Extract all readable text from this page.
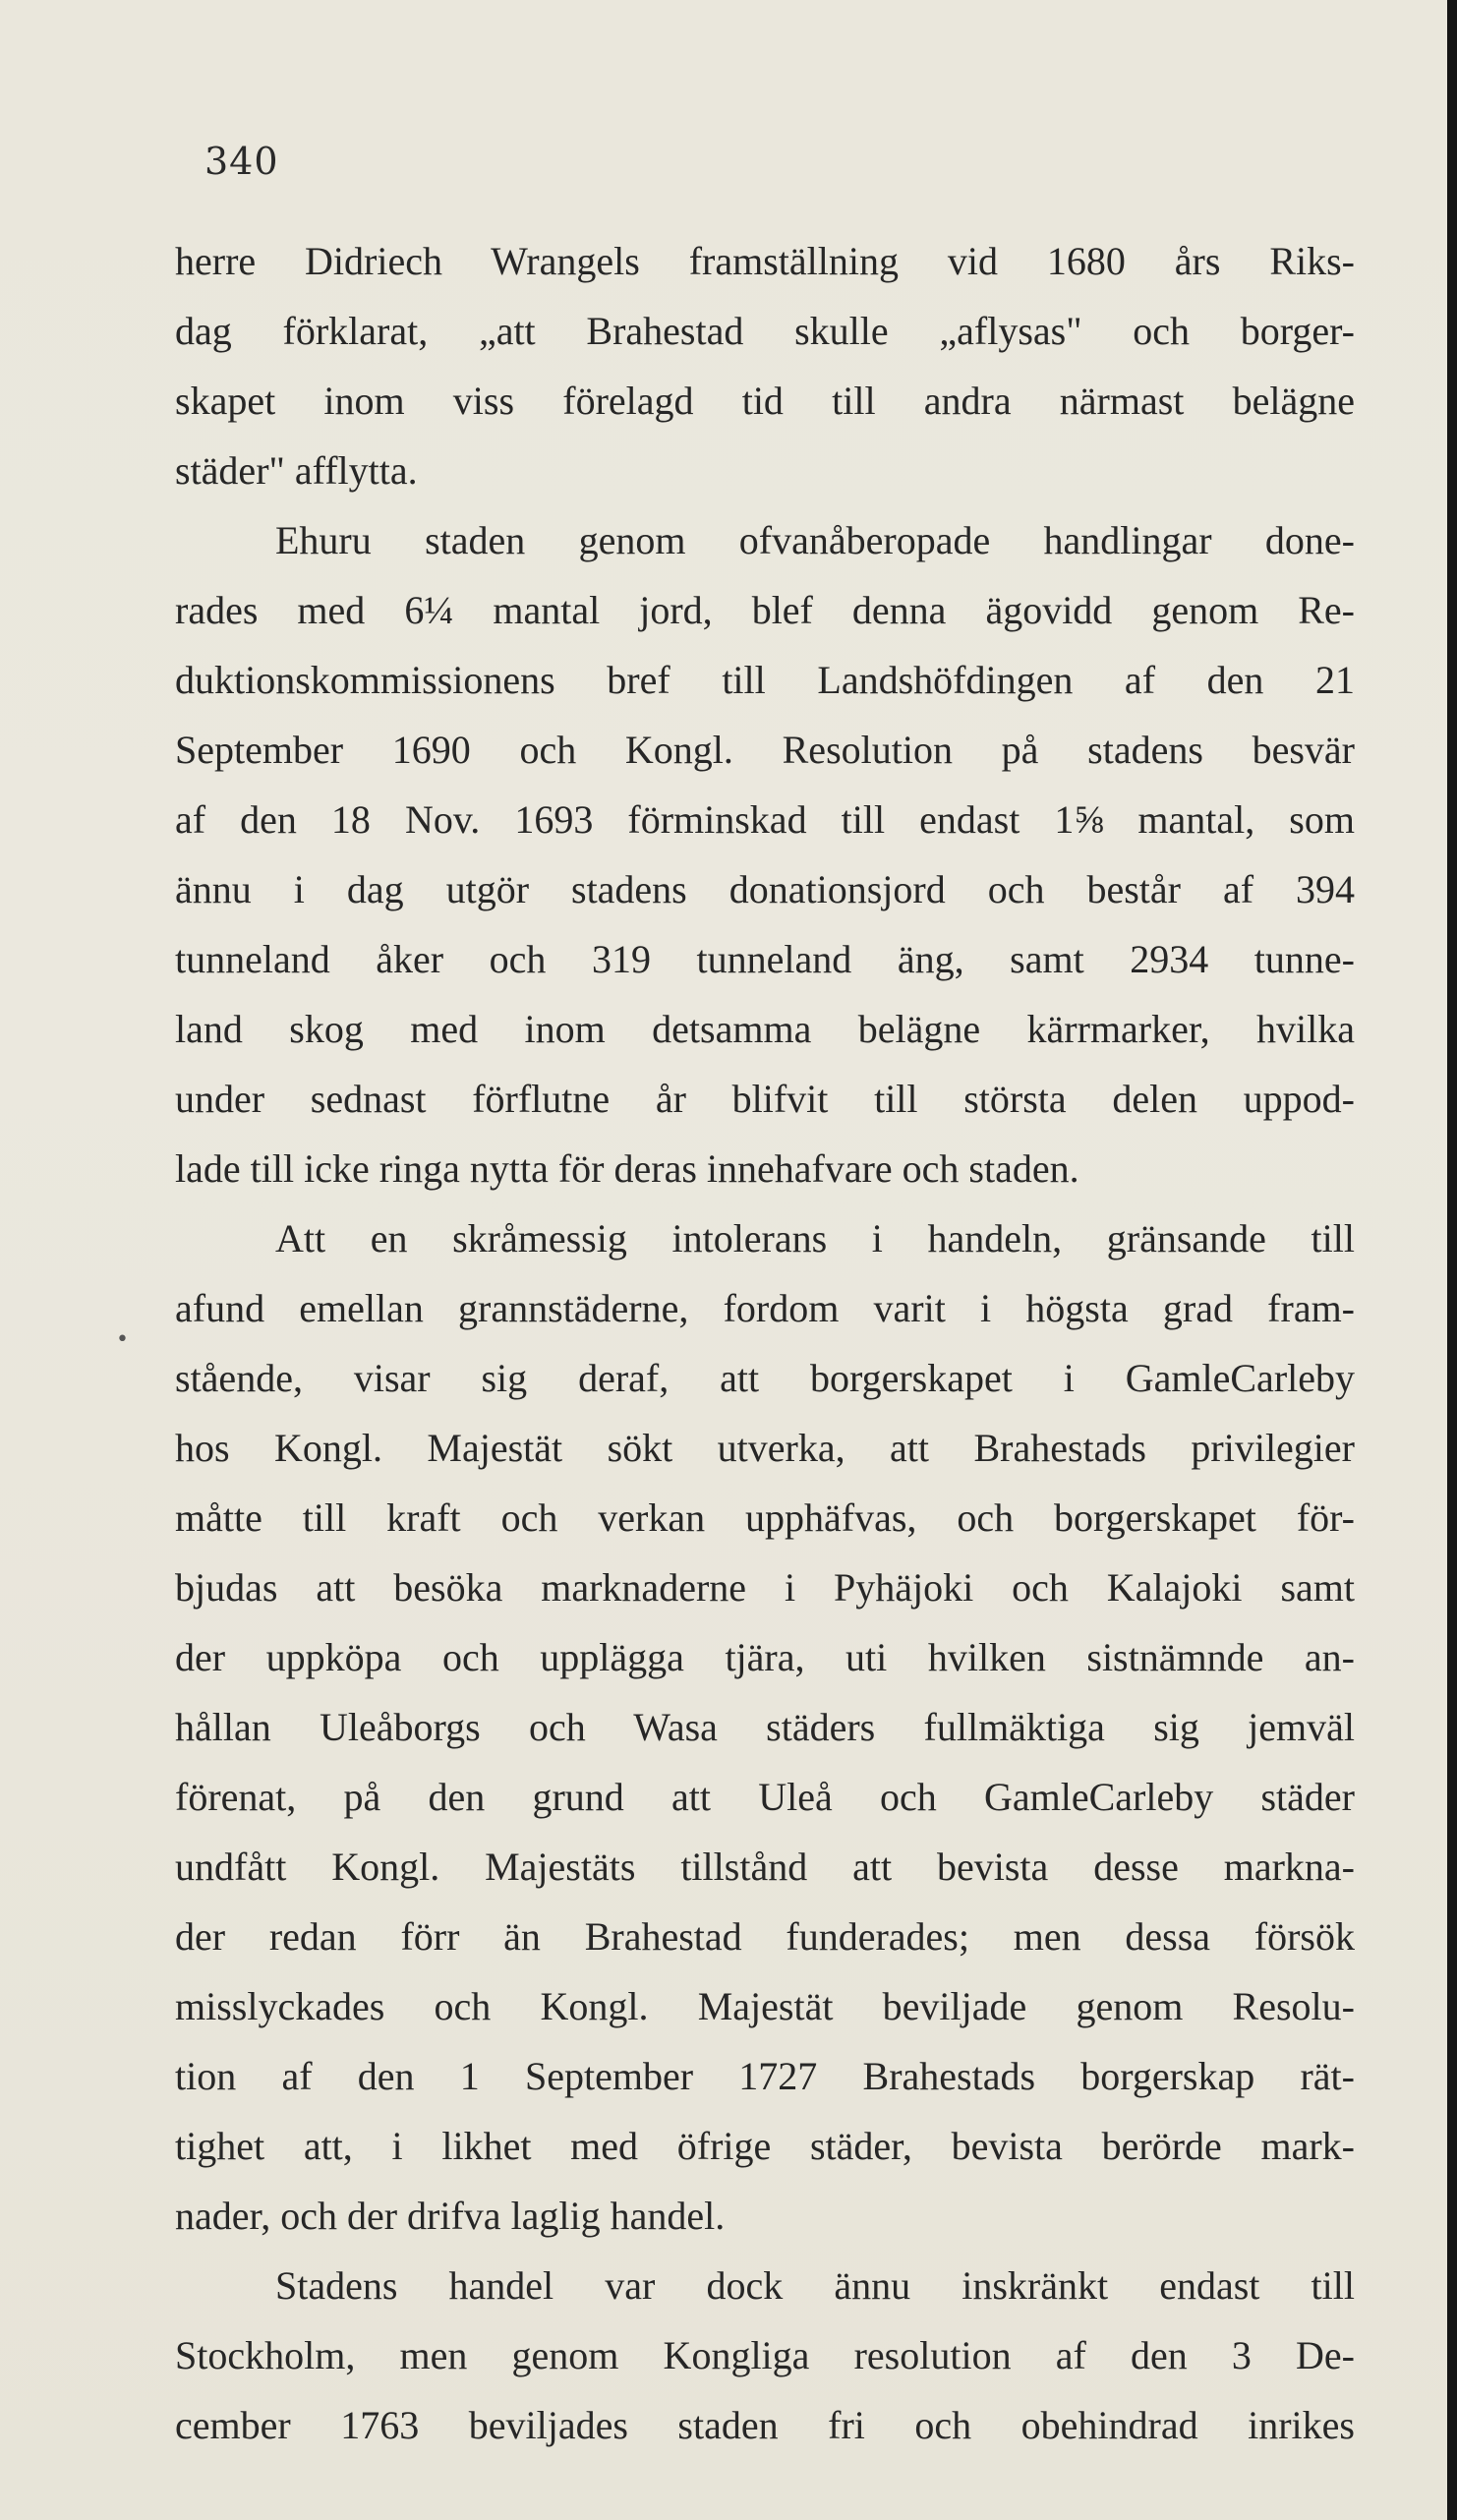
340
•
herre Didriech Wrangels framställning vid 1680 års Riks-
dag förklarat, „att Brahestad skulle „aflysas" och borger-
skapet inom viss förelagd tid till andra närmast belägne
städer" afflytta.
Ehuru staden genom ofvanåberopade handlingar done-
rades med 6¼ mantal jord, blef denna ägovidd genom Re-
duktionskommissionens bref till Landshöfdingen af den 21
September 1690 och Kongl. Resolution på stadens besvär
af den 18 Nov. 1693 förminskad till endast 1⅝ mantal, som
ännu i dag utgör stadens donationsjord och består af 394
tunneland åker och 319 tunneland äng, samt 2934 tunne-
land skog med inom detsamma belägne kärrmarker, hvilka
under sednast förflutne år blifvit till största delen uppod-
lade till icke ringa nytta för deras innehafvare och staden.
Att en skråmessig intolerans i handeln, gränsande till
afund emellan grannstäderne, fordom varit i högsta grad fram-
stående, visar sig deraf, att borgerskapet i GamleCarleby
hos Kongl. Majestät sökt utverka, att Brahestads privilegier
måtte till kraft och verkan upphäfvas, och borgerskapet för-
bjudas att besöka marknaderne i Pyhäjoki och Kalajoki samt
der uppköpa och upplägga tjära, uti hvilken sistnämnde an-
hållan Uleåborgs och Wasa städers fullmäktiga sig jemväl
förenat, på den grund att Uleå och GamleCarleby städer
undfått Kongl. Majestäts tillstånd att bevista desse markna-
der redan förr än Brahestad funderades; men dessa försök
misslyckades och Kongl. Majestät beviljade genom Resolu-
tion af den 1 September 1727 Brahestads borgerskap rät-
tighet att, i likhet med öfrige städer, bevista berörde mark-
nader, och der drifva laglig handel.
Stadens handel var dock ännu inskränkt endast till
Stockholm, men genom Kongliga resolution af den 3 De-
cember 1763 beviljades staden fri och obehindrad inrikes
